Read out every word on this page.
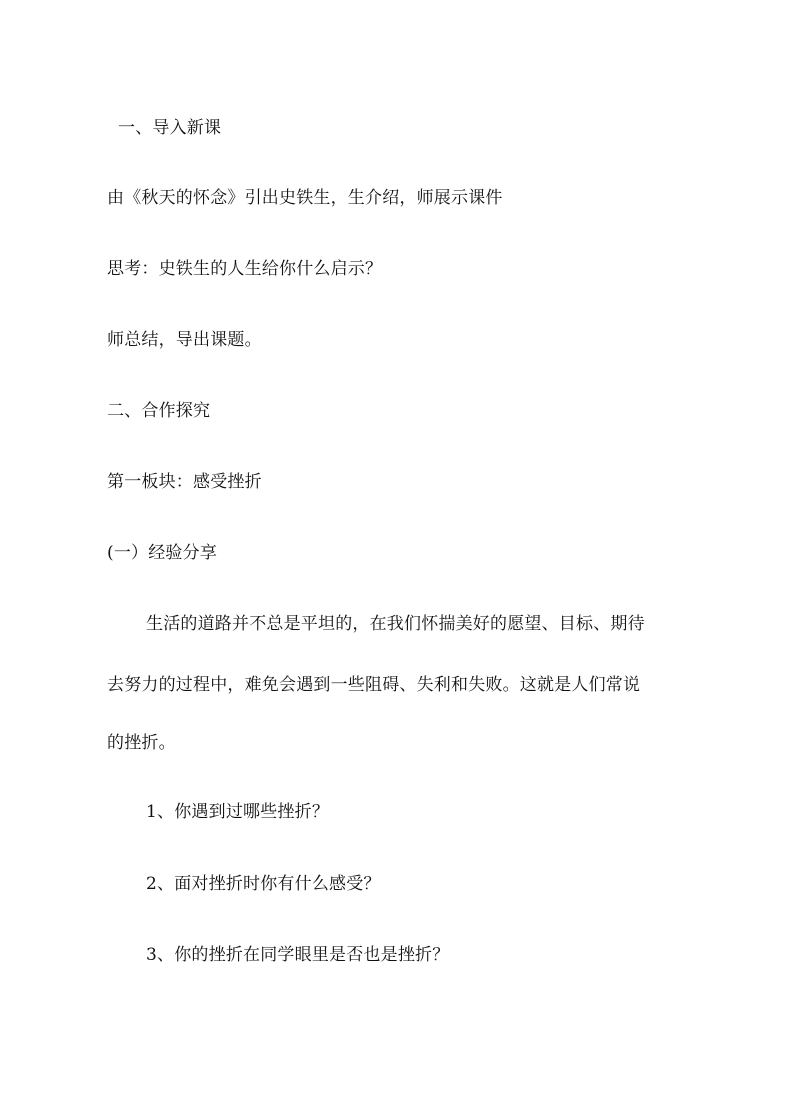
一、导入新课
由《秋天的怀念》引出史铁生，生介绍，师展示课件
思考：史铁生的人生给你什么启示？
师总结，导出课题。
二、合作探究
第一板块：感受挫折
(一）经验分享
生活的道路并不总是平坦的，在我们怀揣美好的愿望、目标、期待
去努力的过程中，难免会遇到一些阻碍、失利和失败。这就是人们常说
的挫折。
1、你遇到过哪些挫折？
2、面对挫折时你有什么感受？
3、你的挫折在同学眼里是否也是挫折？
